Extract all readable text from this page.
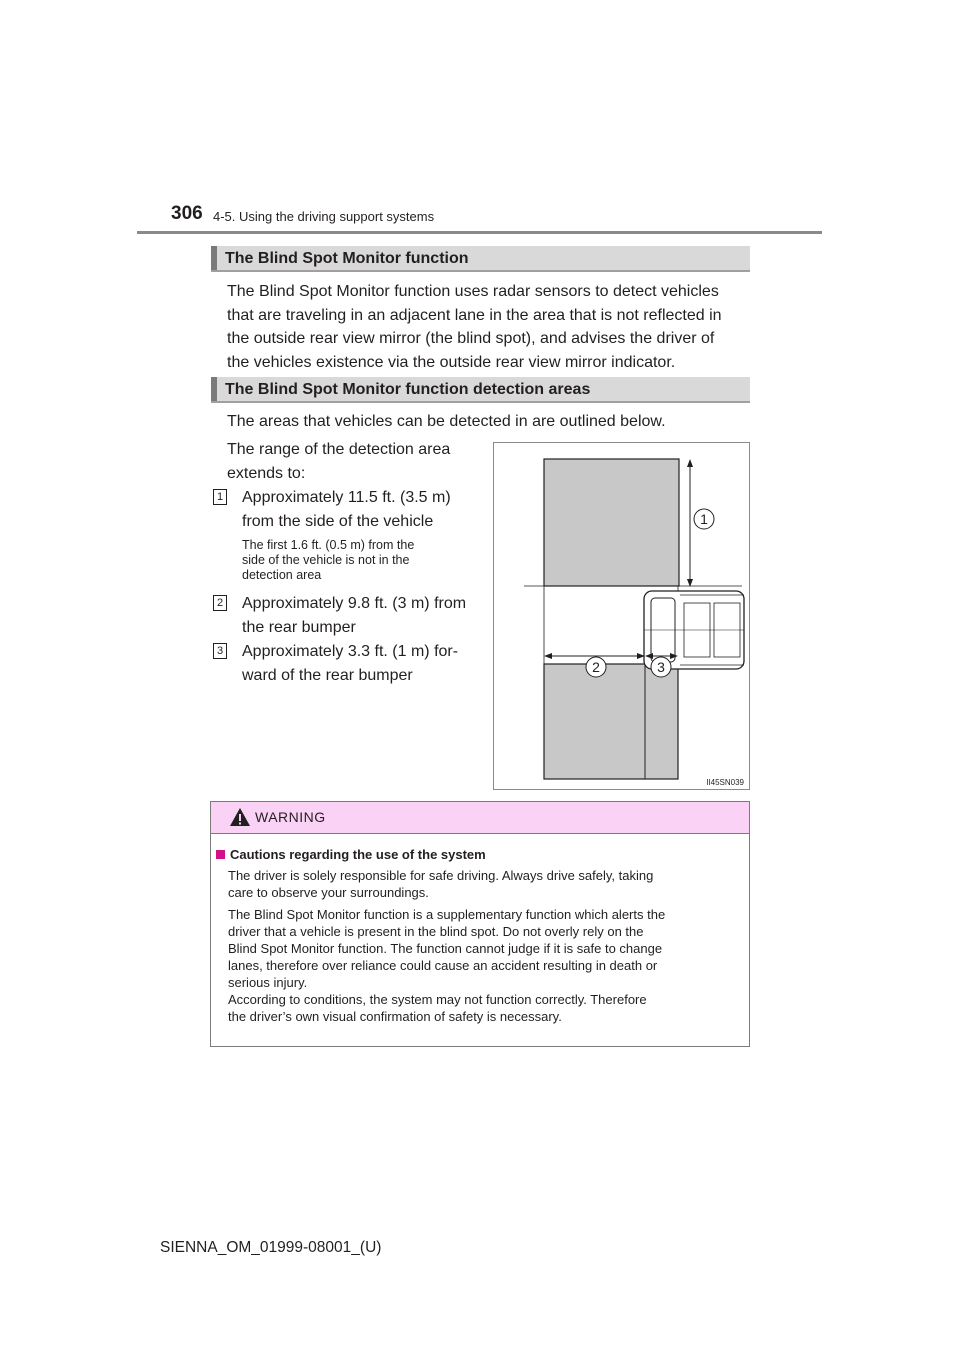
306 4-5. Using the driving support systems
The Blind Spot Monitor function
The Blind Spot Monitor function uses radar sensors to detect vehicles
that are traveling in an adjacent lane in the area that is not reflected in
the outside rear view mirror (the blind spot), and advises the driver of
the vehicles existence via the outside rear view mirror indicator.
The Blind Spot Monitor function detection areas
The areas that vehicles can be detected in are outlined below.
The range of the detection area
extends to:
1 Approximately 11.5 ft. (3.5 m)
from the side of the vehicle
The first 1.6 ft. (0.5 m) from the
side of the vehicle is not in the
detection area
2 Approximately 9.8 ft. (3 m) from
the rear bumper
3 Approximately 3.3 ft. (1 m) for-
ward of the rear bumper
1
2	3
II45SN039
WARNING
Cautions regarding the use of the system
The driver is solely responsible for safe driving. Always drive safely, taking
care to observe your surroundings.
The Blind Spot Monitor function is a supplementary function which alerts the
driver that a vehicle is present in the blind spot. Do not overly rely on the
Blind Spot Monitor function. The function cannot judge if it is safe to change
lanes, therefore over reliance could cause an accident resulting in death or
serious injury.
According to conditions, the system may not function correctly. Therefore
the driver’s own visual confirmation of safety is necessary.
SIENNA_OM_01999-08001_(U)
